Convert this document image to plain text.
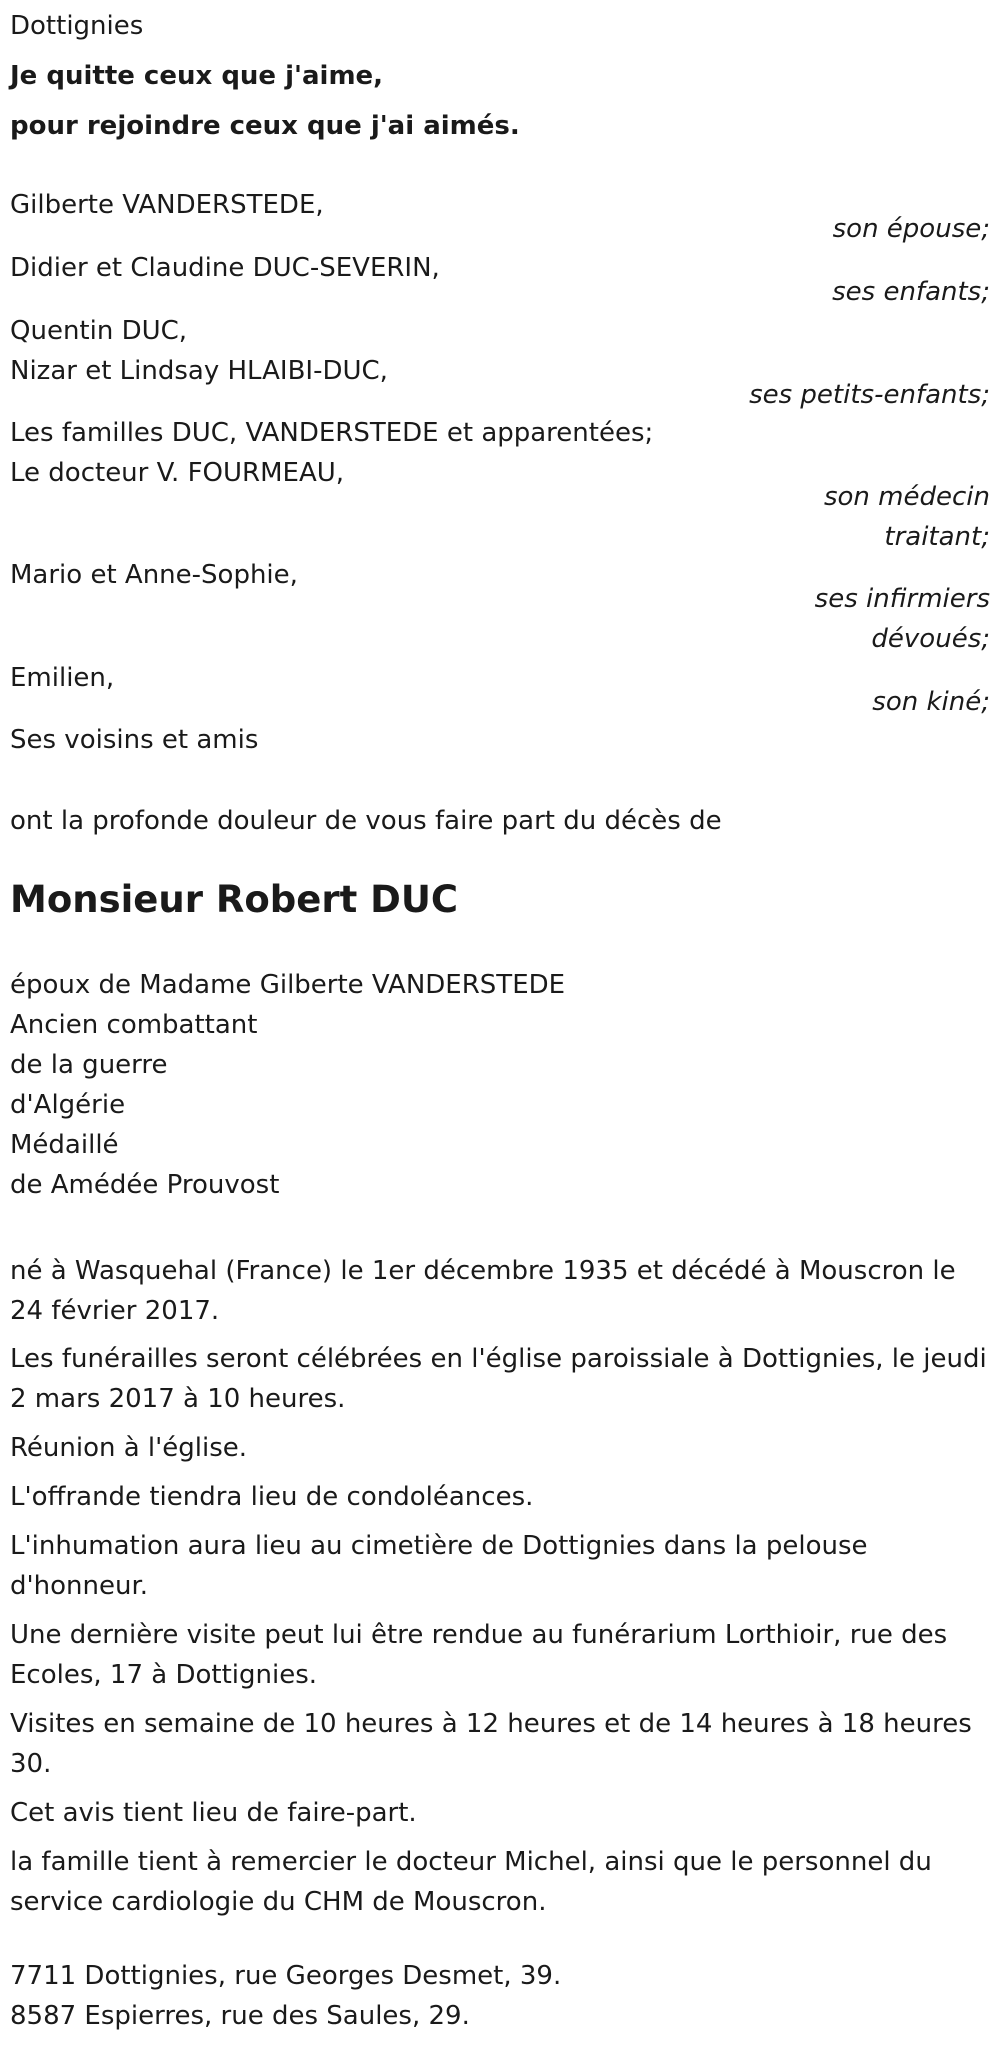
Dottignies
Je quitte ceux que j'aime,
pour rejoindre ceux que j'ai aimés.
Gilberte VANDERSTEDE,
son épouse;
Didier et Claudine DUC-SEVERIN,
ses enfants;
Quentin DUC,
Nizar et Lindsay HLAIBI-DUC,
ses petits-enfants;
Les familles DUC, VANDERSTEDE et apparentées;
Le docteur V. FOURMEAU,
son médecin
traitant;
Mario et Anne-Sophie,
ses infirmiers
dévoués;
Emilien,
son kiné;
Ses voisins et amis
ont la profonde douleur de vous faire part du décès de
Monsieur Robert DUC
époux de Madame Gilberte VANDERSTEDE
Ancien combattant
de la guerre
d'Algérie
Médaillé
de Amédée Prouvost
né à Wasquehal (France) le 1er décembre 1935 et décédé à Mouscron le 24 février 2017.
Les funérailles seront célébrées en l'église paroissiale à Dottignies, le jeudi 2 mars 2017 à 10 heures.
Réunion à l'église.
L'offrande tiendra lieu de condoléances.
L'inhumation aura lieu au cimetière de Dottignies dans la pelouse d'honneur.
Une dernière visite peut lui être rendue au funérarium Lorthioir, rue des Ecoles, 17 à Dottignies.
Visites en semaine de 10 heures à 12 heures et de 14 heures à 18 heures 30.
Cet avis tient lieu de faire-part.
la famille tient à remercier le docteur Michel, ainsi que le personnel du service cardiologie du CHM de Mouscron.
7711 Dottignies, rue Georges Desmet, 39.
8587 Espierres, rue des Saules, 29.
